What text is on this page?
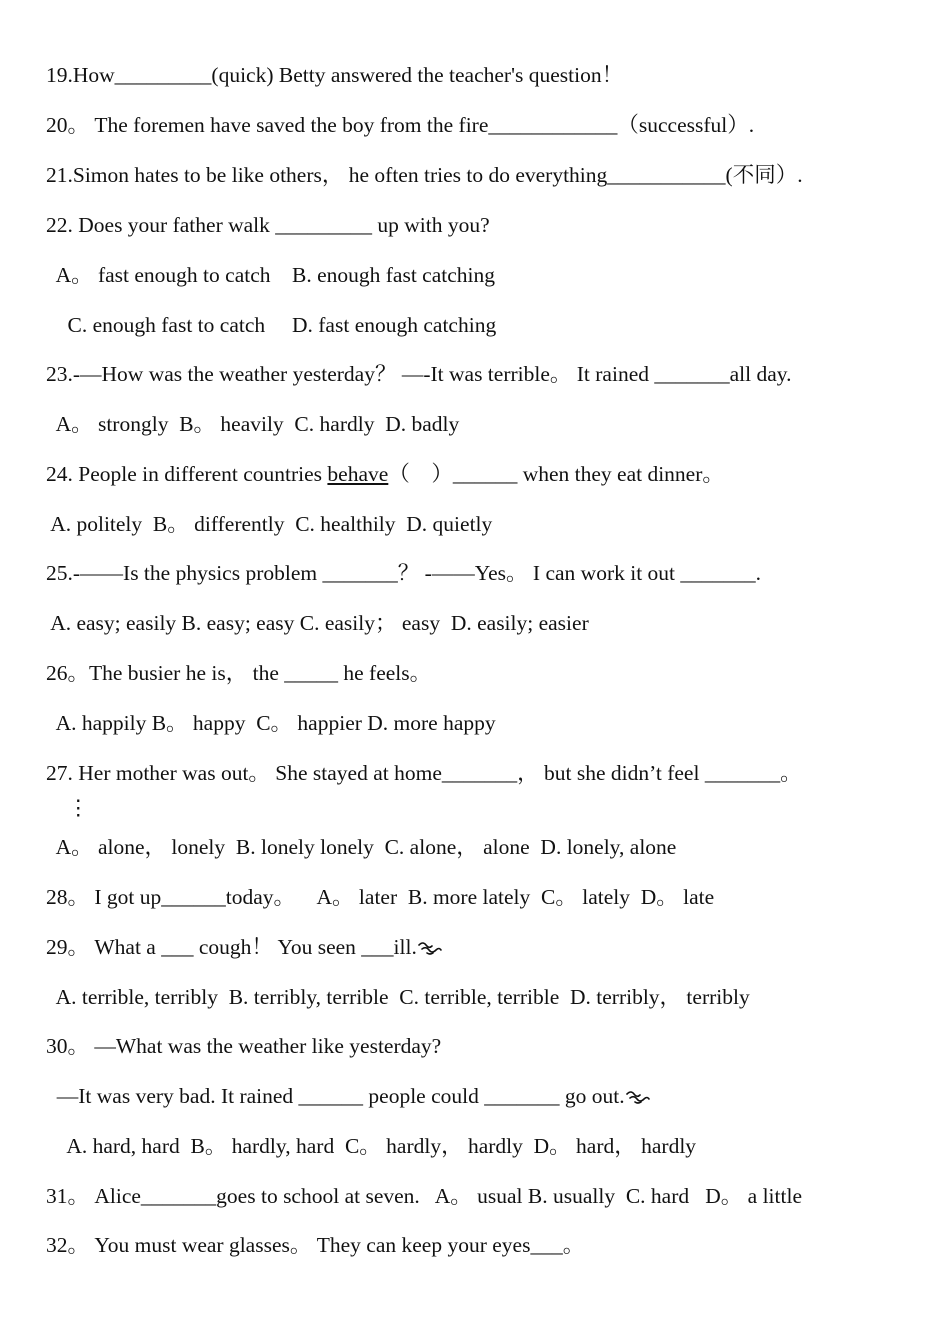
19.How_________(quick) Betty answered the teacher's question！
20。 The foremen have saved the boy from the fire____________（successful）.
21.Simon hates to be like others， he often tries to do everything___________(不同）.
22. Does your father walk _________ up with you?
A。 fast enough to catch    B. enough fast catching
C. enough fast to catch     D. fast enough catching
23.-—How was the weather yesterday？ —-It was terrible。 It rained _______all day.
A。 strongly  B。 heavily  C. hardly  D. badly
24. People in different countries behave（    ）______ when they eat dinner。
A. politely  B。 differently  C. healthily  D. quietly
25.-——Is the physics problem _______？ -——Yes。 I can work it out _______.
A. easy; easily B. easy; easy C. easily； easy  D. easily; easier
26。The busier he is， the _____ he feels。
A. happily B。 happy  C。 happier D. more happy
27. Her mother was out。 She stayed at home_______， but she didn’t feel _______。
⋮
A。 alone， lonely  B. lonely lonely  C. alone， alone  D. lonely, alone
28。 I got up______today。    A。 later  B. more lately  C。 lately  D。 late
29。 What a ___ cough！ You seen ___ill.
A. terrible, terribly  B. terribly, terrible  C. terrible, terrible  D. terribly， terribly
30。 —What was the weather like yesterday?
—It was very bad. It rained ______ people could _______ go out.
A. hard, hard  B。 hardly, hard  C。 hardly， hardly  D。 hard， hardly
31。 Alice_______goes to school at seven.   A。 usual B. usually  C. hard   D。 a little
32。 You must wear glasses。 They can keep your eyes___。
